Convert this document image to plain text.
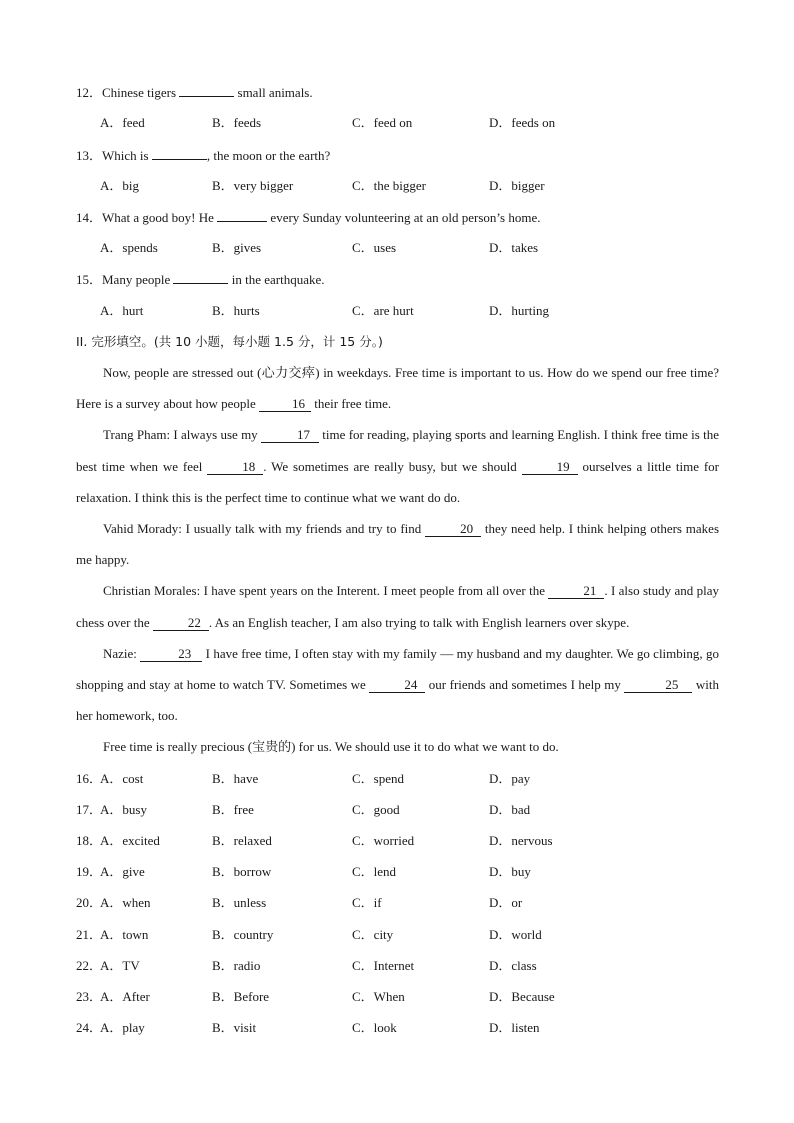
12．Chinese tigers	small animals.
A．feed	B．feeds	C．feed on	D．feeds on
13．Which is	, the moon or the earth?
A．big	B．very bigger	C．the bigger	D．bigger
14．What a good boy! He	every Sunday volunteering at an old person’s home.
A．spends	B．gives	C．uses	D．takes
15．Many people	in the earthquake.
A．hurt	B．hurts	C．are hurt	D．hurting
II. 完形填空。(共 10 小题，每小题 1.5 分，计 15 分。)
Now, people are stressed out (心力交瘁) in weekdays. Free time is important to us. How do we spend our free time? Here is a survey about how people	16 their free time.
Trang Pham: I always use my	17 time for reading, playing sports and learning English. I think free time is the best time when we feel	18 . We sometimes are really busy, but we should	19 ourselves a little time for relaxation. I think this is the perfect time to continue what we want do do.
Vahid Morady: I usually talk with my friends and try to find	20 they need help. I think helping others makes me happy.
Christian Morales: I have spent years on the Interent. I meet people from all over the	21 . I also study and play chess over the	22 . As an English teacher, I am also trying to talk with English learners over skype.
Nazie:	23 I have free time, I often stay with my family — my husband and my daughter. We go climbing, go shopping and stay at home to watch TV. Sometimes we	24 our friends and sometimes I help my	25 with her homework, too.
Free time is really precious (宝贵的) for us. We should use it to do what we want to do.
16．
A．cost	B．have	C．spend	D．pay
17．
A．busy	B．free	C．good	D．bad
18．
A．excited	B．relaxed	C．worried	D．nervous
19．
A．give	B．borrow	C．lend	D．buy
20．
A．when	B．unless	C．if	D．or
21．
A．town	B．country	C．city	D．world
22．
A．TV	B．radio	C．Internet	D．class
23．
A．After	B．Before	C．When	D．Because
24．
A．play	B．visit	C．look	D．listen
